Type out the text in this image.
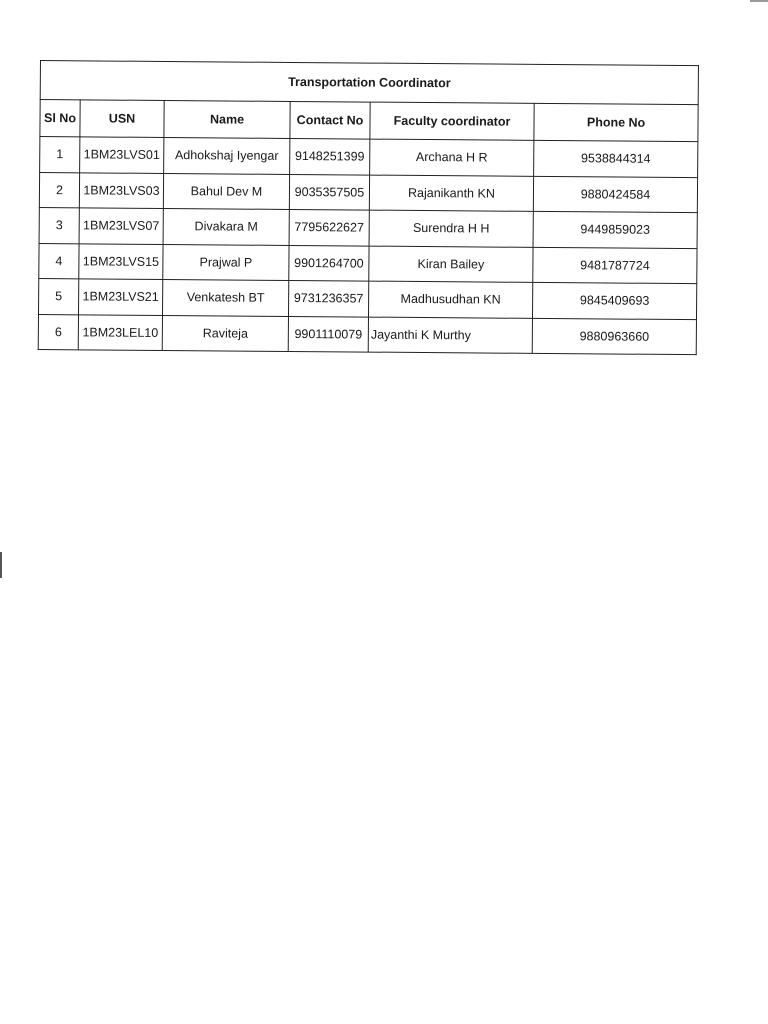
Transportation Coordinator					
Sl No	USN	Name	Contact No	Faculty coordinator	Phone No
1	1BM23LVS01	Adhokshaj Iyengar	9148251399	Archana H R	9538844314
2	1BM23LVS03	Bahul Dev M	9035357505	Rajanikanth KN	9880424584
3	1BM23LVS07	Divakara M	7795622627	Surendra H H	9449859023
4	1BM23LVS15	Prajwal P	9901264700	Kiran Bailey	9481787724
5	1BM23LVS21	Venkatesh BT	9731236357	Madhusudhan KN	9845409693
6	1BM23LEL10	Raviteja	9901110079	Jayanthi K Murthy	9880963660
